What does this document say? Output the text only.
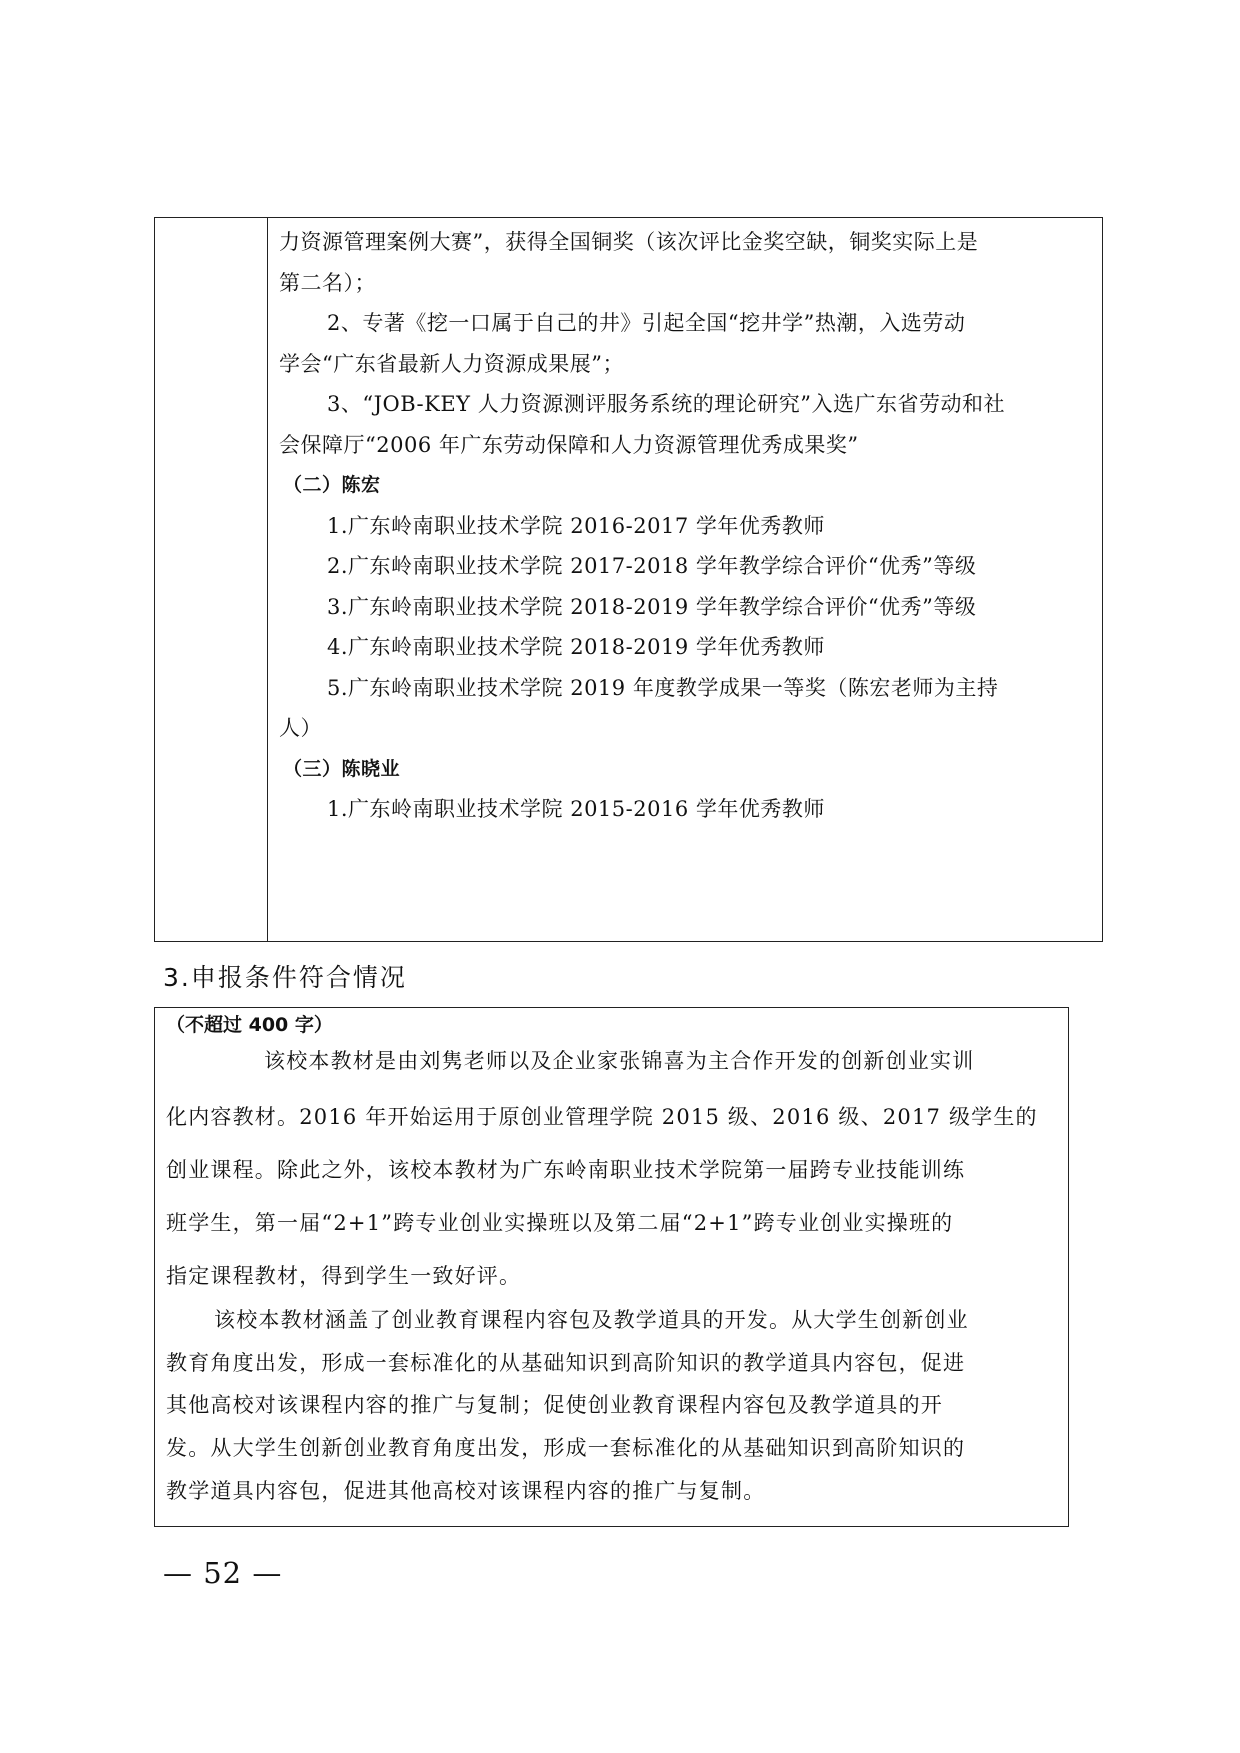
力资源管理案例大赛”，获得全国铜奖（该次评比金奖空缺，铜奖实际上是
第二名）；
2、专著《挖一口属于自己的井》引起全国“挖井学”热潮，入选劳动
学会“广东省最新人力资源成果展”；
3、“JOB-KEY 人力资源测评服务系统的理论研究”入选广东省劳动和社
会保障厅“2006 年广东劳动保障和人力资源管理优秀成果奖”
（二）陈宏
1.广东岭南职业技术学院 2016-2017 学年优秀教师
2.广东岭南职业技术学院 2017-2018 学年教学综合评价“优秀”等级
3.广东岭南职业技术学院 2018-2019 学年教学综合评价“优秀”等级
4.广东岭南职业技术学院 2018-2019 学年优秀教师
5.广东岭南职业技术学院 2019 年度教学成果一等奖（陈宏老师为主持
人）
（三）陈晓业
1.广东岭南职业技术学院 2015-2016 学年优秀教师
3.申报条件符合情况
（不超过 400 字）
该校本教材是由刘隽老师以及企业家张锦喜为主合作开发的创新创业实训
化内容教材。2016 年开始运用于原创业管理学院 2015 级、2016 级、2017 级学生的
创业课程。除此之外，该校本教材为广东岭南职业技术学院第一届跨专业技能训练
班学生，第一届“2+1”跨专业创业实操班以及第二届“2+1”跨专业创业实操班的
指定课程教材，得到学生一致好评。
该校本教材涵盖了创业教育课程内容包及教学道具的开发。从大学生创新创业
教育角度出发，形成一套标准化的从基础知识到高阶知识的教学道具内容包，促进
其他高校对该课程内容的推广与复制；促使创业教育课程内容包及教学道具的开
发。从大学生创新创业教育角度出发，形成一套标准化的从基础知识到高阶知识的
教学道具内容包，促进其他高校对该课程内容的推广与复制。
— 52 —
